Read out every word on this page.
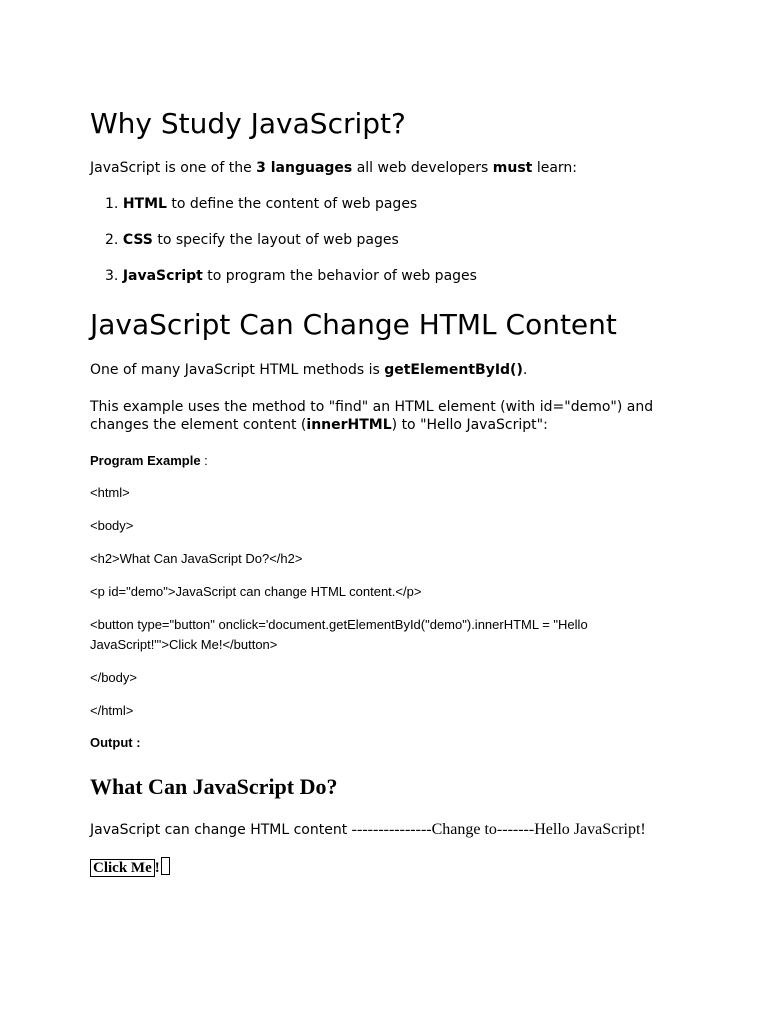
Why Study JavaScript?

JavaScript is one of the 3 languages all web developers must learn:

1. HTML to define the content of web pages

2. CSS to specify the layout of web pages

3. JavaScript to program the behavior of web pages

JavaScript Can Change HTML Content

One of many JavaScript HTML methods is getElementById().

This example uses the method to "find" an HTML element (with id="demo") and

changes the element content (innerHTML) to "Hello JavaScript":

Program Example :

<html>

<body>

<h2>What Can JavaScript Do?</h2>

<p id="demo">JavaScript can change HTML content.</p>

<button type="button" onclick='document.getElementById("demo").innerHTML = "Hello

JavaScript!"'>Click Me!</button>

</body>

</html>

Output :

What Can JavaScript Do?

JavaScript can change HTML content ---------------Change to-------Hello JavaScript!

Click Me !
